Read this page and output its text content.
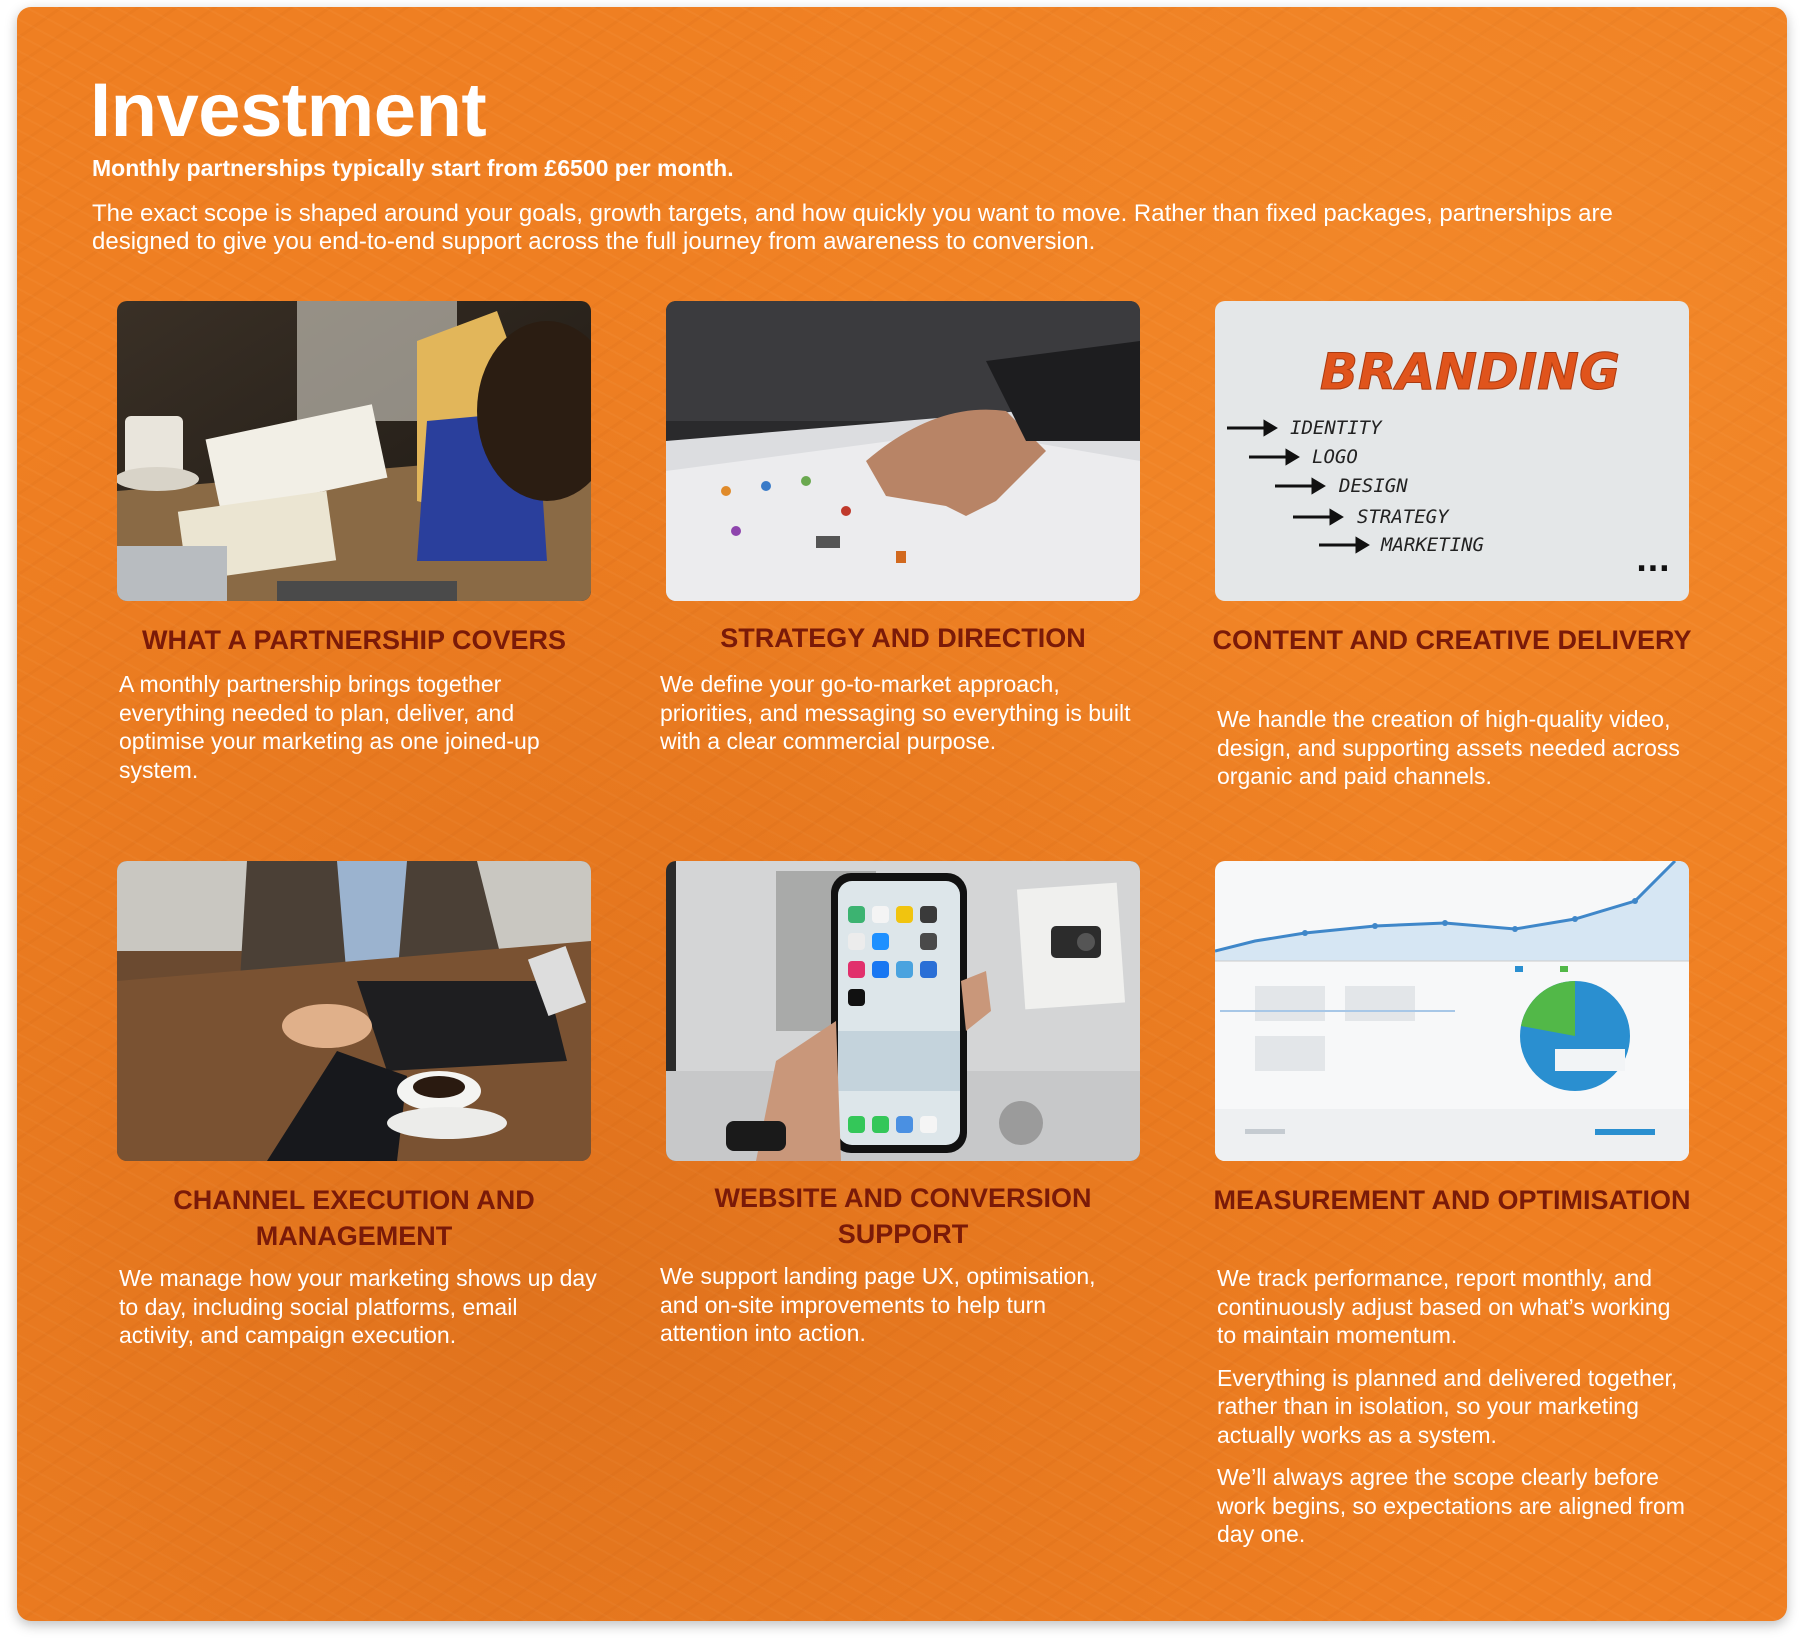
Investment

Monthly partnerships typically start from £6500 per month.

The exact scope is shaped around your goals, growth targets, and how quickly you want to move. Rather than fixed packages, partnerships are designed to give you end-to-end support across the full journey from awareness to conversion.

WHAT A PARTNERSHIP COVERS

A monthly partnership brings together everything needed to plan, deliver, and optimise your marketing as one joined-up system.

STRATEGY AND DIRECTION

We define your go-to-market approach, priorities, and messaging so everything is built with a clear commercial purpose.

BRANDING
IDENTITY
LOGO
DESIGN
STRATEGY
MARKETING	...
CONTENT AND CREATIVE DELIVERY

We handle the creation of high-quality video, design, and supporting assets needed across organic and paid channels.

CHANNEL EXECUTION AND MANAGEMENT

We manage how your marketing shows up day to day, including social platforms, email activity, and campaign execution.

WEBSITE AND CONVERSION SUPPORT

We support landing page UX, optimisation, and on-site improvements to help turn attention into action.

MEASUREMENT AND OPTIMISATION

We track performance, report monthly, and continuously adjust based on what’s working to maintain momentum.

Everything is planned and delivered together, rather than in isolation, so your marketing actually works as a system.

We’ll always agree the scope clearly before work begins, so expectations are aligned from day one.
